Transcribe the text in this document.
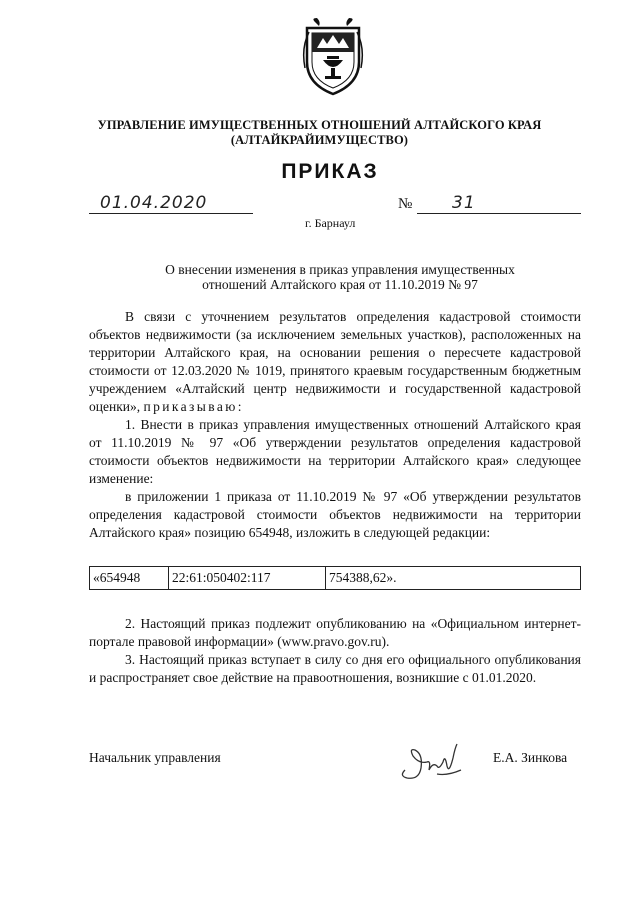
УПРАВЛЕНИЕ ИМУЩЕСТВЕННЫХ ОТНОШЕНИЙ АЛТАЙСКОГО КРАЯ
(АЛТАЙКРАЙИМУЩЕСТВО)
ПРИКАЗ
01.04.2020	№ 31
г. Барнаул
О внесении изменения в приказ управления имущественных
отношений Алтайского края от 11.10.2019 № 97

В связи с уточнением результатов определения кадастровой стоимости объектов недвижимости (за исключением земельных участков), расположенных на территории Алтайского края, на основании решения о пересчете кадастровой стоимости от 12.03.2020 № 1019, принятого краевым государственным бюджетным учреждением «Алтайский центр недвижимости и государственной кадастровой оценки», приказываю:

1. Внести в приказ управления имущественных отношений Алтайского края от 11.10.2019 № 97 «Об утверждении результатов определения кадастровой стоимости объектов недвижимости на территории Алтайского края» следующее изменение:

в приложении 1 приказа от 11.10.2019 № 97 «Об утверждении результатов определения кадастровой стоимости объектов недвижимости на территории Алтайского края» позицию 654948, изложить в следующей редакции:

«654948	22:61:050402:117	754388,62».

2. Настоящий приказ подлежит опубликованию на «Официальном интернет-портале правовой информации» (www.pravo.gov.ru).

3. Настоящий приказ вступает в силу со дня его официального опубликования и распространяет свое действие на правоотношения, возникшие с 01.01.2020.

Начальник управления	Е.А. Зинкова
